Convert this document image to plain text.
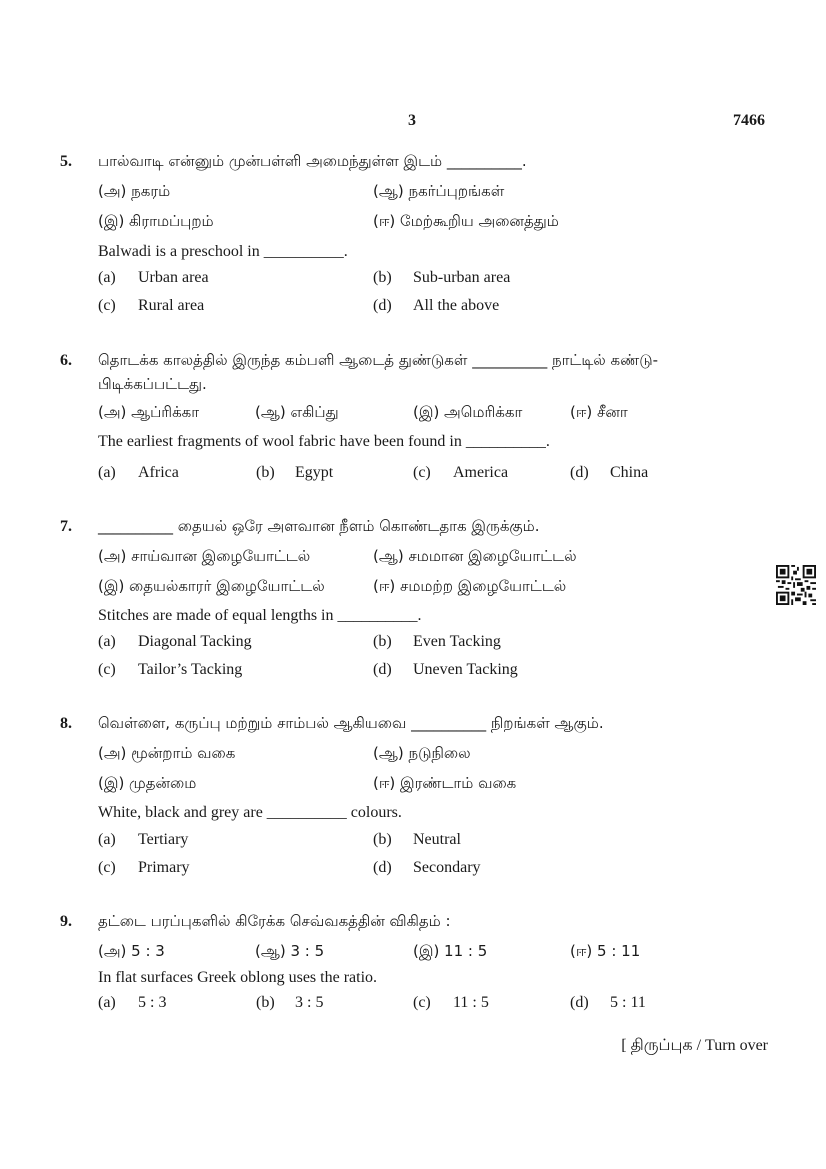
3	7466
5. பால்வாடி என்னும் முன்பள்ளி அமைந்துள்ள இடம் __________.
(அ) நகரம்	(ஆ) நகர்ப்புறங்கள்
(இ) கிராமப்புறம்	(ஈ) மேற்கூறிய அனைத்தும்
Balwadi is a preschool in __________.
(a) Urban area	(b) Sub-urban area
(c) Rural area	(d) All the above
6. தொடக்க காலத்தில் இருந்த கம்பளி ஆடைத் துண்டுகள் __________ நாட்டில் கண்டு-
பிடிக்கப்பட்டது.
(அ) ஆப்ரிக்கா	(ஆ) எகிப்து	(இ) அமெரிக்கா	(ஈ) சீனா
The earliest fragments of wool fabric have been found in __________.
(a) Africa	(b) Egypt	(c) America	(d) China
7. __________ தையல் ஒரே அளவான நீளம் கொண்டதாக இருக்கும்.
(அ) சாய்வான இழையோட்டல்	(ஆ) சமமான இழையோட்டல்
(இ) தையல்காரர் இழையோட்டல்	(ஈ) சமமற்ற இழையோட்டல்
Stitches are made of equal lengths in __________.
(a) Diagonal Tacking	(b) Even Tacking
(c) Tailor’s Tacking	(d) Uneven Tacking
8. வெள்ளை, கருப்பு மற்றும் சாம்பல் ஆகியவை __________ நிறங்கள் ஆகும்.
(அ) மூன்றாம் வகை	(ஆ) நடுநிலை
(இ) முதன்மை	(ஈ) இரண்டாம் வகை
White, black and grey are __________ colours.
(a) Tertiary	(b) Neutral
(c) Primary	(d) Secondary
9. தட்டை பரப்புகளில் கிரேக்க செவ்வகத்தின் விகிதம் :
(அ) 5 : 3	(ஆ) 3 : 5	(இ) 11 : 5	(ஈ) 5 : 11
In flat surfaces Greek oblong uses the ratio.
(a) 5 : 3	(b) 3 : 5	(c) 11 : 5	(d) 5 : 11
[ திருப்புக / Turn over
